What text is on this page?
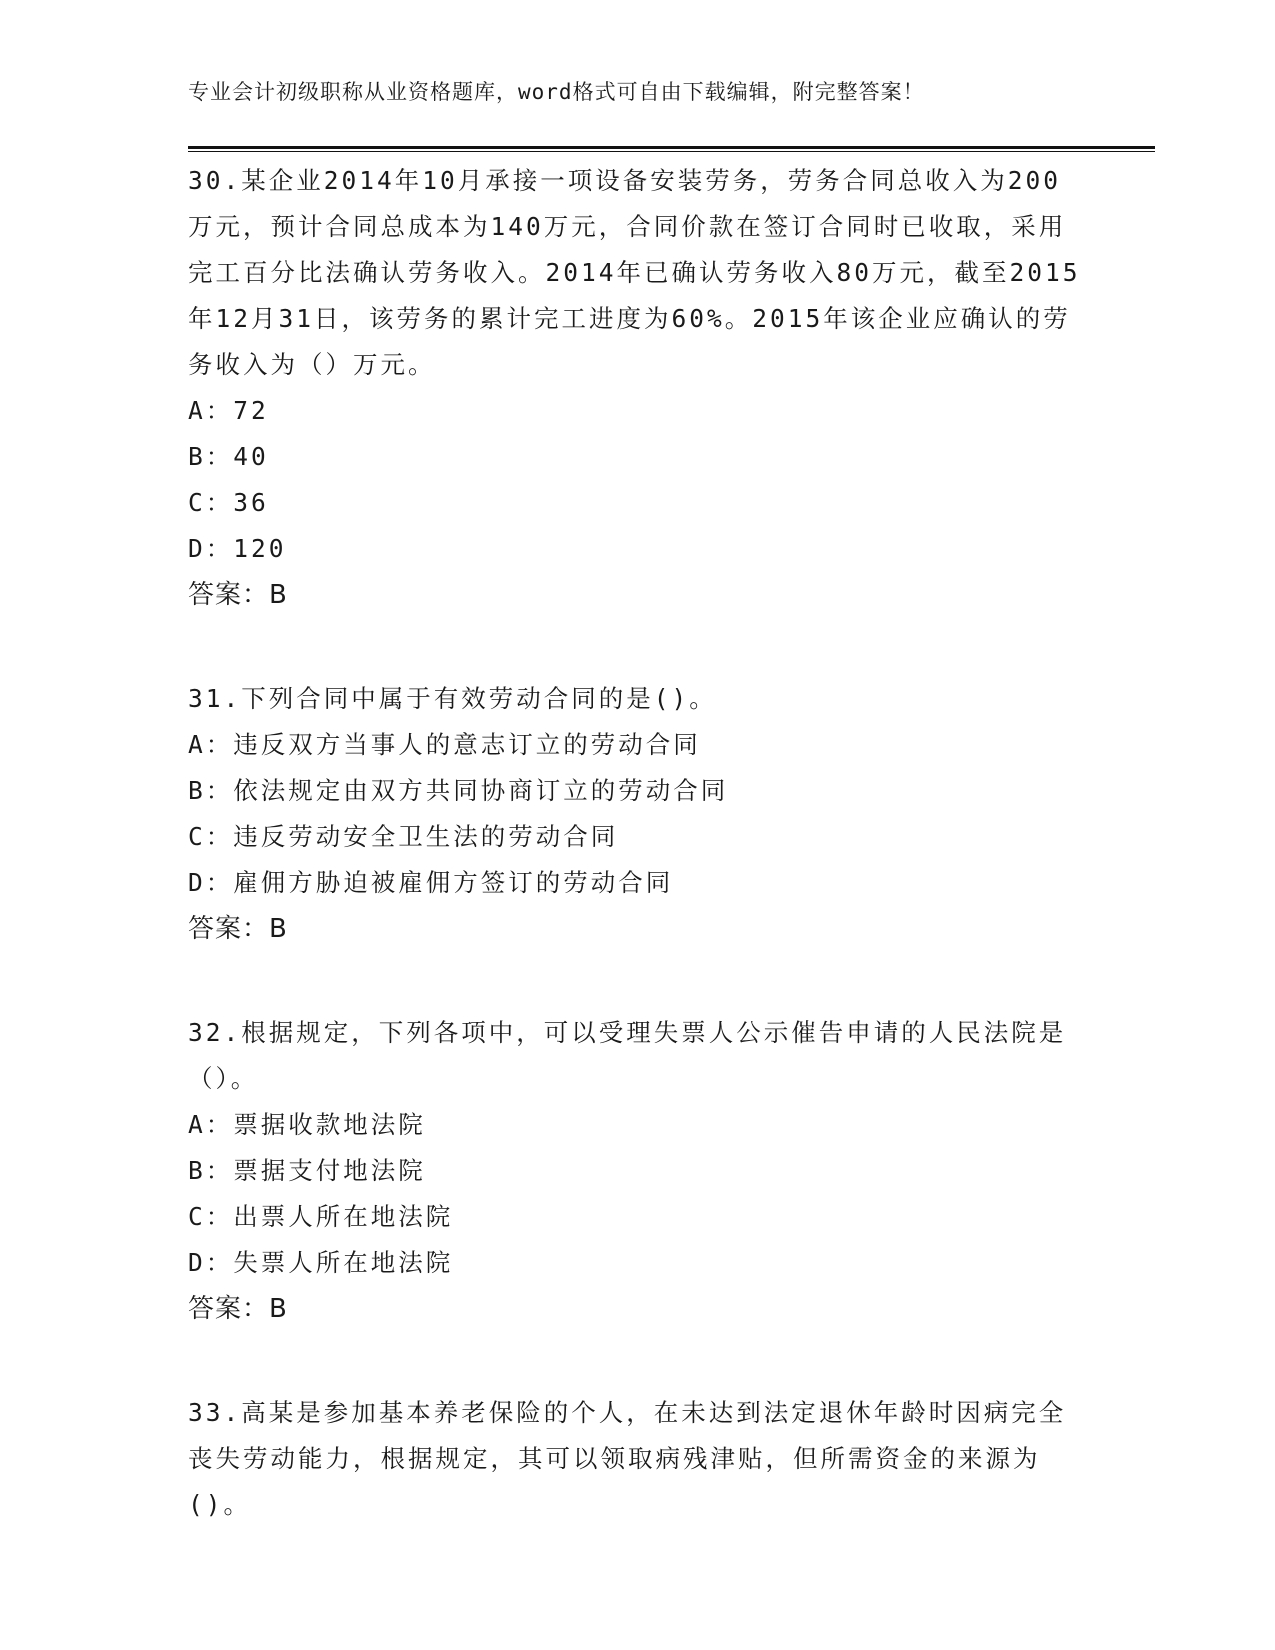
专业会计初级职称从业资格题库，word格式可自由下载编辑，附完整答案！

30.某企业2014年10月承接一项设备安装劳务，劳务合同总收入为200万元，预计合同总成本为140万元，合同价款在签订合同时已收取，采用完工百分比法确认劳务收入。2014年已确认劳务收入80万元，截至2015年12月31日，该劳务的累计完工进度为60%。2015年该企业应确认的劳务收入为（）万元。

A：72

B：40

C：36

D：120

答案：B

31.下列合同中属于有效劳动合同的是()。

A：违反双方当事人的意志订立的劳动合同

B：依法规定由双方共同协商订立的劳动合同

C：违反劳动安全卫生法的劳动合同

D：雇佣方胁迫被雇佣方签订的劳动合同

答案：B

32.根据规定，下列各项中，可以受理失票人公示催告申请的人民法院是（）。

A：票据收款地法院

B：票据支付地法院

C：出票人所在地法院

D：失票人所在地法院

答案：B

33.高某是参加基本养老保险的个人，在未达到法定退休年龄时因病完全丧失劳动能力，根据规定，其可以领取病残津贴，但所需资金的来源为()。
